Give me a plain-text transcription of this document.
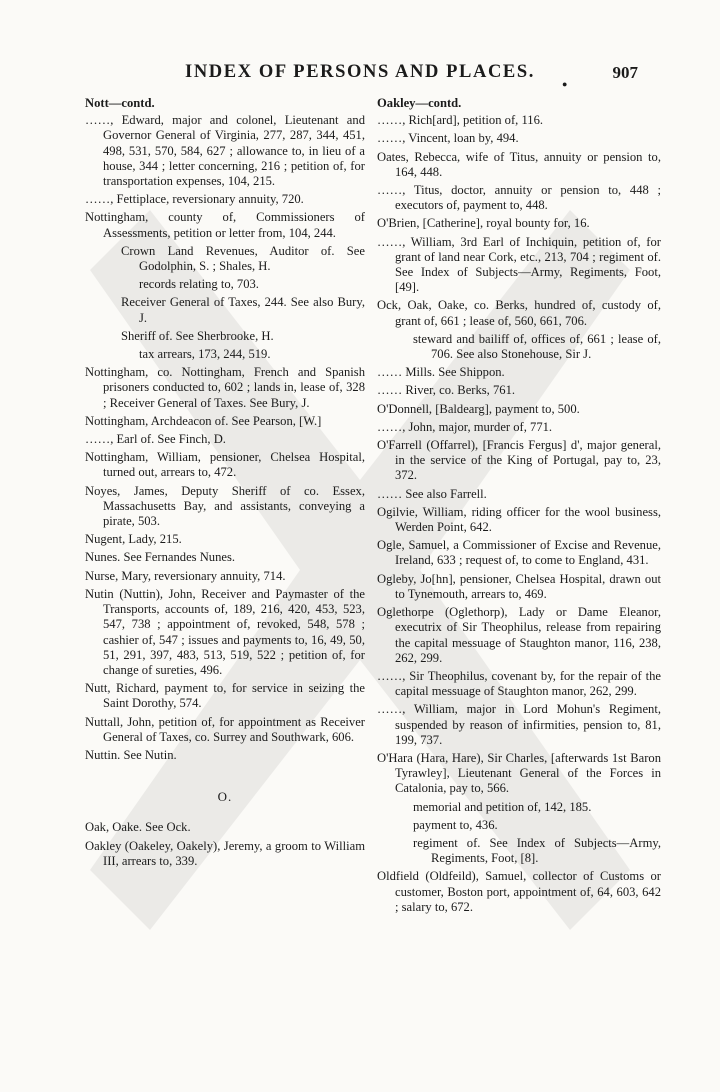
INDEX OF PERSONS AND PLACES.
●
907
Nott—contd.
……, Edward, major and colonel, Lieutenant and Governor General of Virginia, 277, 287, 344, 451, 498, 531, 570, 584, 627 ; allowance to, in lieu of a house, 344 ; letter concerning, 216 ; petition of, for transportation expenses, 104, 215.
……, Fettiplace, reversionary annuity, 720.
Nottingham, county of, Commissioners of Assessments, petition or letter from, 104, 244.
Crown Land Revenues, Auditor of. See Godolphin, S. ; Shales, H.
records relating to, 703.
Receiver General of Taxes, 244. See also Bury, J.
Sheriff of. See Sherbrooke, H.
tax arrears, 173, 244, 519.
Nottingham, co. Nottingham, French and Spanish prisoners conducted to, 602 ; lands in, lease of, 328 ; Receiver General of Taxes. See Bury, J.
Nottingham, Archdeacon of. See Pearson, [W.]
……, Earl of. See Finch, D.
Nottingham, William, pensioner, Chelsea Hospital, turned out, arrears to, 472.
Noyes, James, Deputy Sheriff of co. Essex, Massachusetts Bay, and assistants, conveying a pirate, 503.
Nugent, Lady, 215.
Nunes. See Fernandes Nunes.
Nurse, Mary, reversionary annuity, 714.
Nutin (Nuttin), John, Receiver and Paymaster of the Transports, accounts of, 189, 216, 420, 453, 523, 547, 738 ; appointment of, revoked, 548, 578 ; cashier of, 547 ; issues and payments to, 16, 49, 50, 51, 291, 397, 483, 513, 519, 522 ; petition of, for change of sureties, 496.
Nutt, Richard, payment to, for service in seizing the Saint Dorothy, 574.
Nuttall, John, petition of, for appointment as Receiver General of Taxes, co. Surrey and Southwark, 606.
Nuttin. See Nutin.
O.
Oak, Oake. See Ock.
Oakley (Oakeley, Oakely), Jeremy, a groom to William III, arrears to, 339.
Oakley—contd.
……, Rich[ard], petition of, 116.
……, Vincent, loan by, 494.
Oates, Rebecca, wife of Titus, annuity or pension to, 164, 448.
……, Titus, doctor, annuity or pension to, 448 ; executors of, payment to, 448.
O'Brien, [Catherine], royal bounty for, 16.
……, William, 3rd Earl of Inchiquin, petition of, for grant of land near Cork, etc., 213, 704 ; regiment of. See Index of Subjects—Army, Regiments, Foot, [49].
Ock, Oak, Oake, co. Berks, hundred of, custody of, grant of, 661 ; lease of, 560, 661, 706.
steward and bailiff of, offices of, 661 ; lease of, 706. See also Stonehouse, Sir J.
…… Mills. See Shippon.
…… River, co. Berks, 761.
O'Donnell, [Baldearg], payment to, 500.
……, John, major, murder of, 771.
O'Farrell (Offarrel), [Francis Fergus] d', major general, in the service of the King of Portugal, pay to, 23, 372.
…… See also Farrell.
Ogilvie, William, riding officer for the wool business, Werden Point, 642.
Ogle, Samuel, a Commissioner of Excise and Revenue, Ireland, 633 ; request of, to come to England, 431.
Ogleby, Jo[hn], pensioner, Chelsea Hospital, drawn out to Tynemouth, arrears to, 469.
Oglethorpe (Oglethorp), Lady or Dame Eleanor, executrix of Sir Theophilus, release from repairing the capital messuage of Staughton manor, 116, 238, 262, 299.
……, Sir Theophilus, covenant by, for the repair of the capital messuage of Staughton manor, 262, 299.
……, William, major in Lord Mohun's Regiment, suspended by reason of infirmities, pension to, 81, 199, 737.
O'Hara (Hara, Hare), Sir Charles, [afterwards 1st Baron Tyrawley], Lieutenant General of the Forces in Catalonia, pay to, 566.
memorial and petition of, 142, 185.
payment to, 436.
regiment of. See Index of Subjects—Army, Regiments, Foot, [8].
Oldfield (Oldfeild), Samuel, collector of Customs or customer, Boston port, appointment of, 64, 603, 642 ; salary to, 672.
